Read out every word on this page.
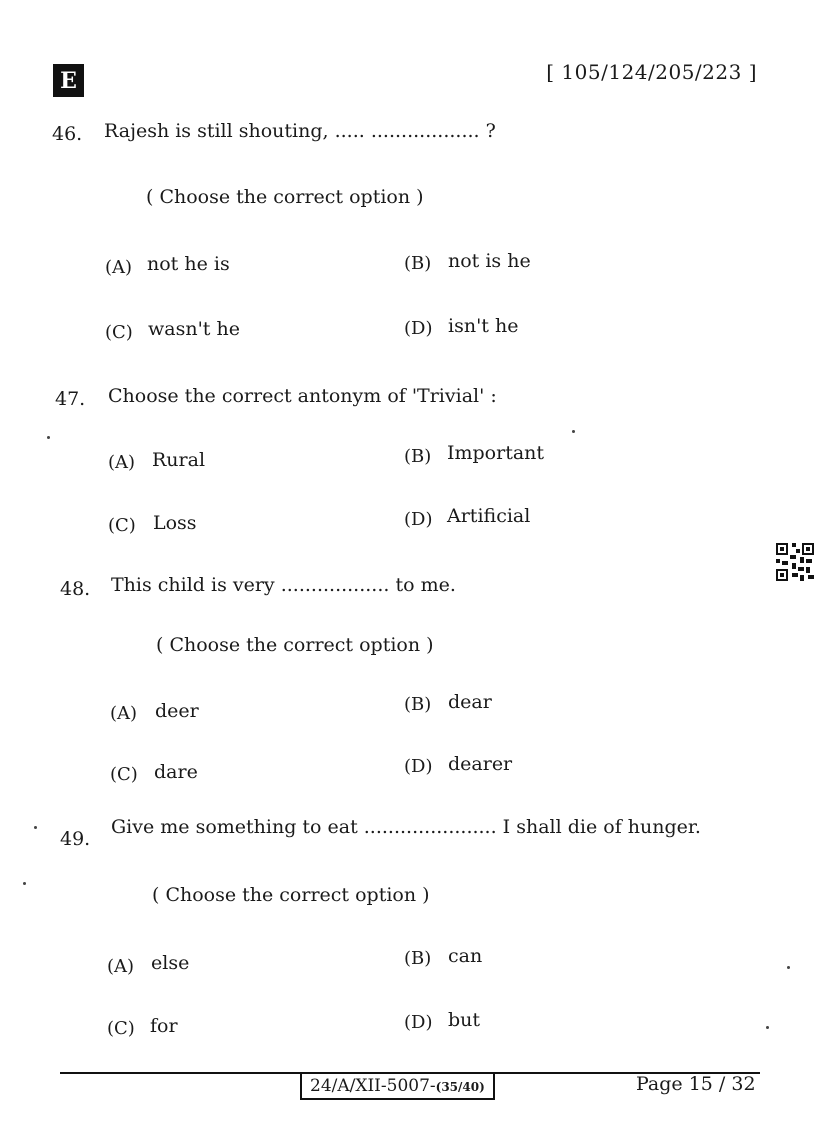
E	[ 105/124/205/223 ]
46. Rajesh is still shouting, ..... .................. ?
( Choose the correct option )
(A) not he is	(B) not is he
(C) wasn't he	(D) isn't he
47. Choose the correct antonym of 'Trivial' :
(A) Rural	(B) Important
(C) Loss	(D) Artificial
48. This child is very .................. to me.
( Choose the correct option )
(A) deer	(B) dear
(C) dare	(D) dearer
49.
Give me something to eat ...................... I shall die of hunger.
( Choose the correct option )
(A) else	(B) can
(C) for	(D) but
24/A/XII-5007-(35/40)	Page 15 / 32
